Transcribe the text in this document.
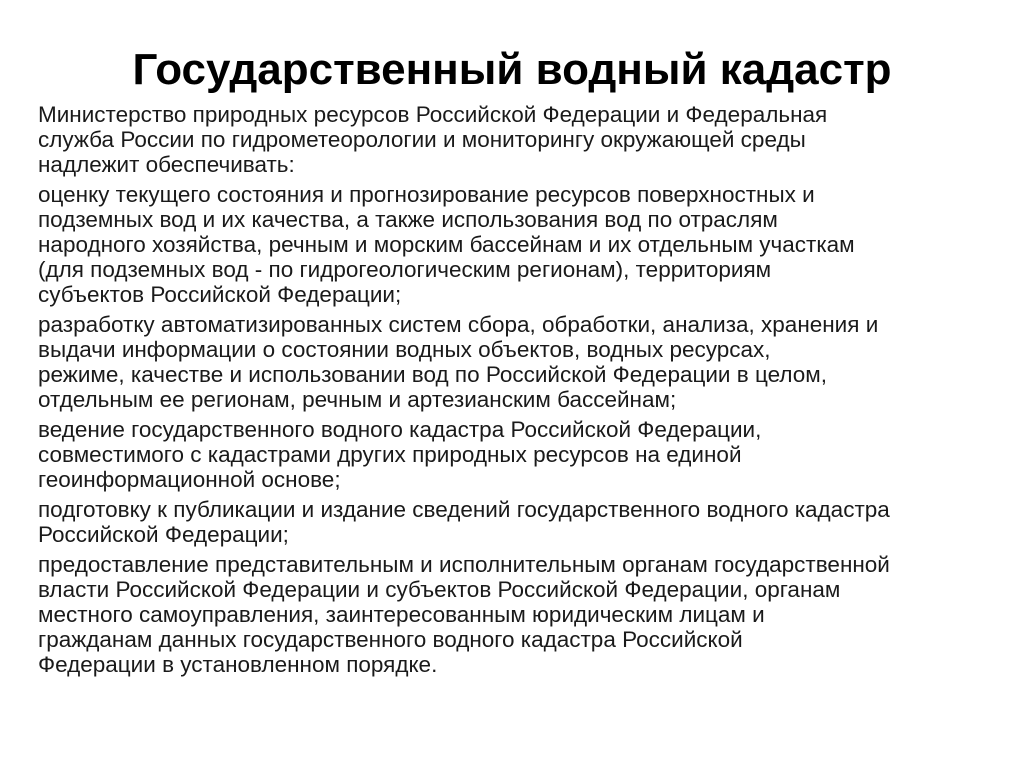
Государственный водный кадастр

Министерство природных ресурсов Российской Федерации и Федеральная
служба России по гидрометеорологии и мониторингу окружающей среды
надлежит обеспечивать:

оценку текущего состояния и прогнозирование ресурсов поверхностных и
подземных вод и их качества, а также использования вод по отраслям
народного хозяйства, речным и морским бассейнам и их отдельным участкам
(для подземных вод - по гидрогеологическим регионам), территориям
субъектов Российской Федерации;

разработку автоматизированных систем сбора, обработки, анализа, хранения и
выдачи информации о состоянии водных объектов, водных ресурсах,
режиме, качестве и использовании вод по Российской Федерации в целом,
отдельным ее регионам, речным и артезианским бассейнам;

ведение государственного водного кадастра Российской Федерации,
совместимого с кадастрами других природных ресурсов на единой
геоинформационной основе;

подготовку к публикации и издание сведений государственного водного кадастра
Российской Федерации;

предоставление представительным и исполнительным органам государственной
власти Российской Федерации и субъектов Российской Федерации, органам
местного самоуправления, заинтересованным юридическим лицам и
гражданам данных государственного водного кадастра Российской
Федерации в установленном порядке.
